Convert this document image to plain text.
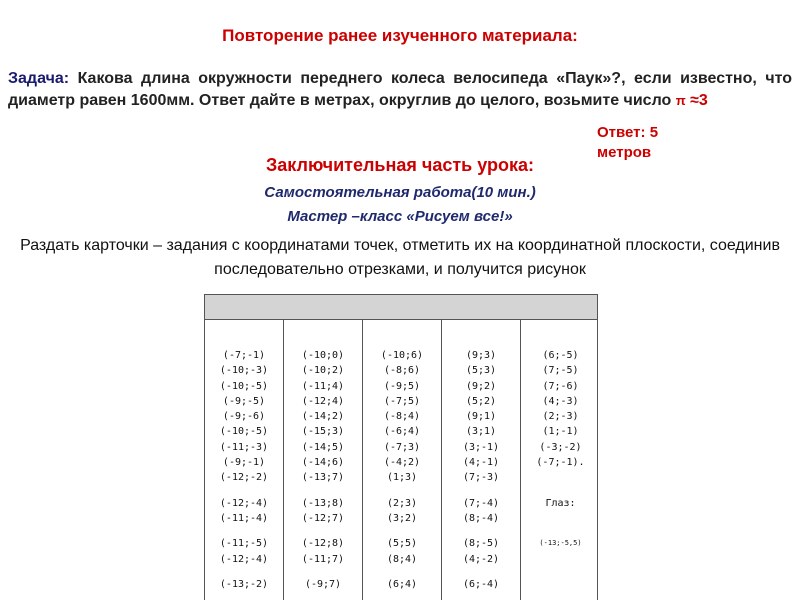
Повторение ранее изученного материала:
Задача: Какова длина окружности переднего колеса велосипеда «Паук»?, если известно, что диаметр равен 1600мм. Ответ дайте в метрах, округлив до целого, возьмите число π ≈3
Ответ: 5
метров
Заключительная часть урока:
Самостоятельная работа(10 мин.)
Мастер –класс «Рисуем все!»
Раздать карточки – задания с координатами точек, отметить их на координатной плоскости, соединив последовательно отрезками, и получится рисунок
(-7;-1)
(-10;-3)
(-10;-5)
(-9;-5)
(-9;-6)
(-10;-5)
(-11;-3)
(-9;-1)
(-12;-2)
(-12;-4)
(-11;-4)
(-11;-5)
(-12;-4)
(-13;-2)
(-10;0)
(-10;2)
(-11;4)
(-12;4)
(-14;2)
(-15;3)
(-14;5)
(-14;6)
(-13;7)
(-13;8)
(-12;7)
(-12;8)
(-11;7)
(-9;7)
(-10;6)
(-8;6)
(-9;5)
(-7;5)
(-8;4)
(-6;4)
(-7;3)
(-4;2)
(1;3)
(2;3)
(3;2)
(5;5)
(8;4)
(6;4)
(9;3)
(5;3)
(9;2)
(5;2)
(9;1)
(3;1)
(3;-1)
(4;-1)
(7;-3)
(7;-4)
(8;-4)
(8;-5)
(4;-2)
(6;-4)
(6;-5)
(7;-5)
(7;-6)
(4;-3)
(2;-3)
(1;-1)
(-3;-2)
(-7;-1).
Глаз:
(-13;-5,5)
